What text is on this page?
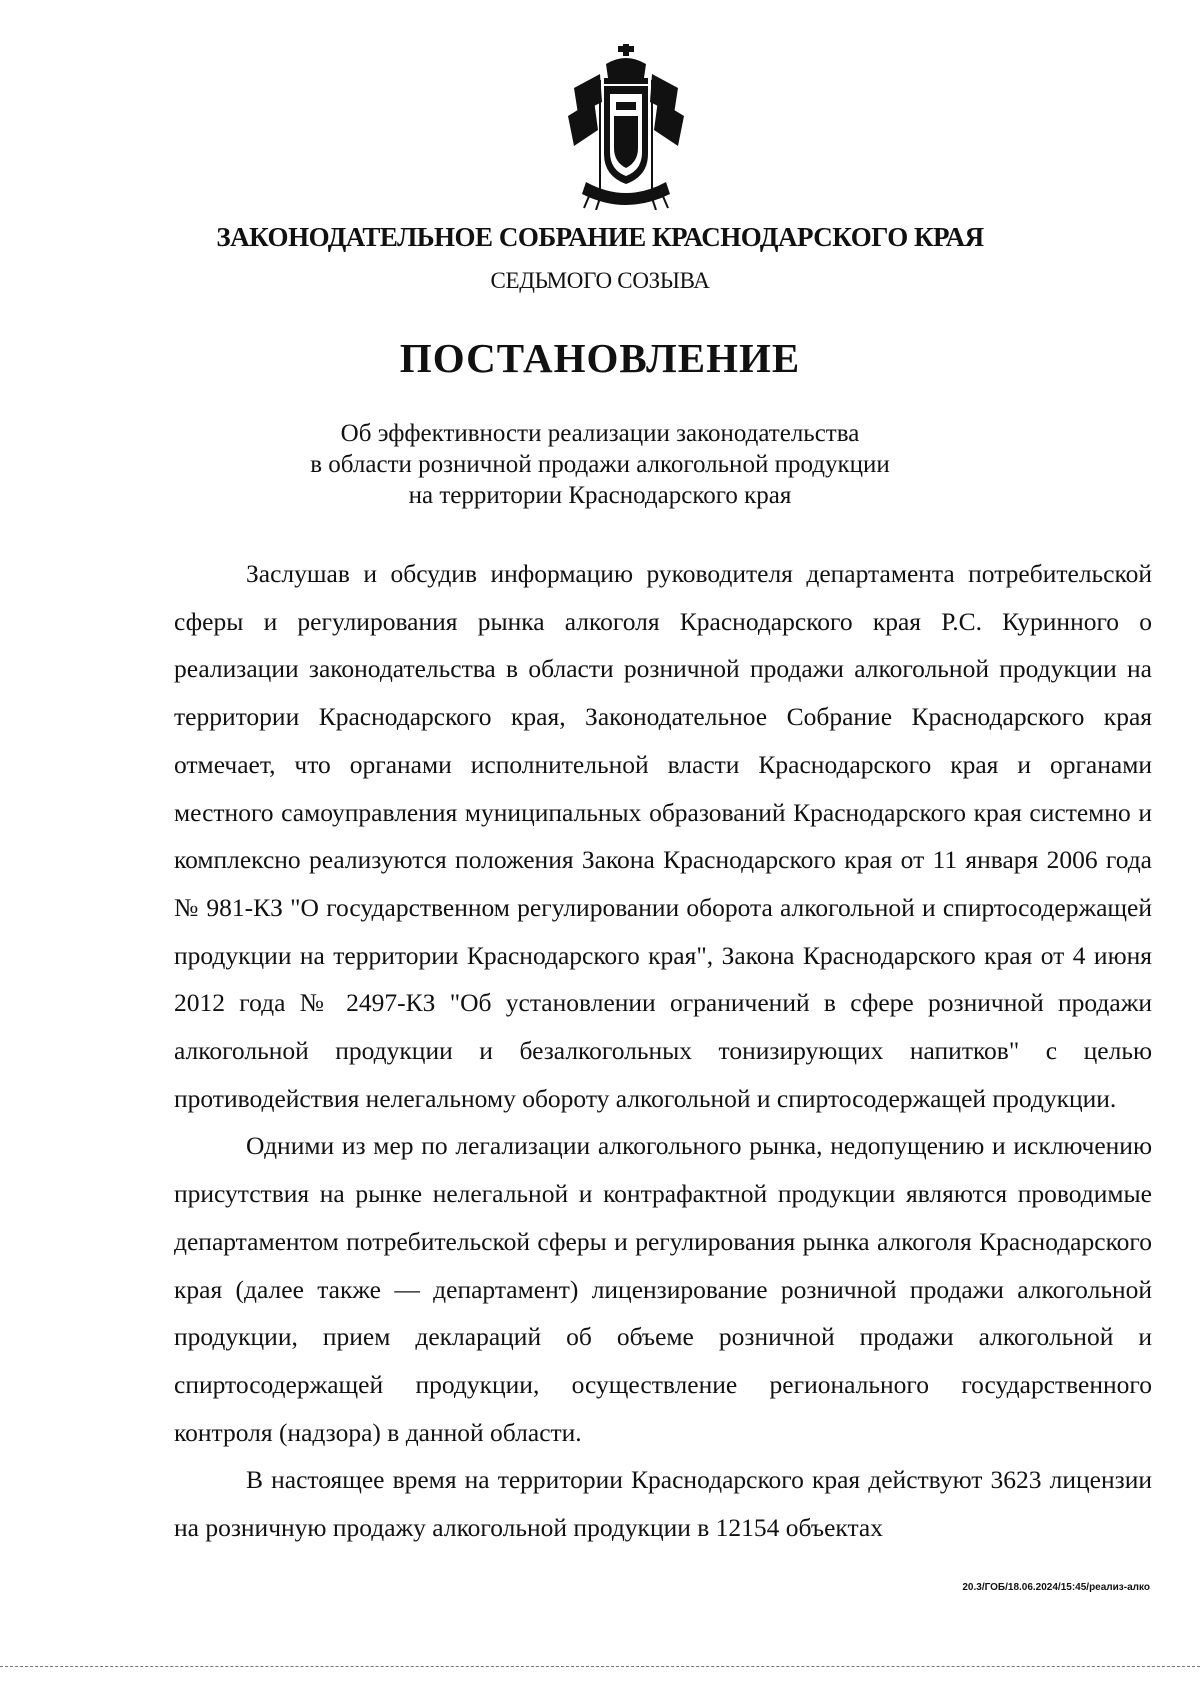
ЗАКОНОДАТЕЛЬНОЕ СОБРАНИЕ КРАСНОДАРСКОГО КРАЯ
СЕДЬМОГО СОЗЫВА
ПОСТАНОВЛЕНИЕ
Об эффективности реализации законодательства
в области розничной продажи алкогольной продукции
на территории Краснодарского края

Заслушав и обсудив информацию руководителя департамента потребительской сферы и регулирования рынка алкоголя Краснодарского края Р.С. Куринного о реализации законодательства в области розничной продажи алкогольной продукции на территории Краснодарского края, Законодательное Собрание Краснодарского края отмечает, что органами исполнительной власти Краснодарского края и органами местного самоуправления муниципальных образований Краснодарского края системно и комплексно реализуются положения Закона Краснодарского края от 11 января 2006 года № 981-КЗ "О государственном регулировании оборота алкогольной и спиртосодержащей продукции на территории Краснодарского края", Закона Краснодарского края от 4 июня 2012 года № 2497-КЗ "Об установлении ограничений в сфере розничной продажи алкогольной продукции и безалкогольных тонизирующих напитков" с целью противодействия нелегальному обороту алкогольной и спиртосодержащей продукции.

Одними из мер по легализации алкогольного рынка, недопущению и исключению присутствия на рынке нелегальной и контрафактной продукции являются проводимые департаментом потребительской сферы и регулирования рынка алкоголя Краснодарского края (далее также — департамент) лицензирование розничной продажи алкогольной продукции, прием деклараций об объеме розничной продажи алкогольной и спиртосодержащей продукции, осуществление регионального государственного контроля (надзора) в данной области.

В настоящее время на территории Краснодарского края действуют 3623 лицензии на розничную продажу алкогольной продукции в 12154 объектах

20.3/ГОБ/18.06.2024/15:45/реализ-алко
